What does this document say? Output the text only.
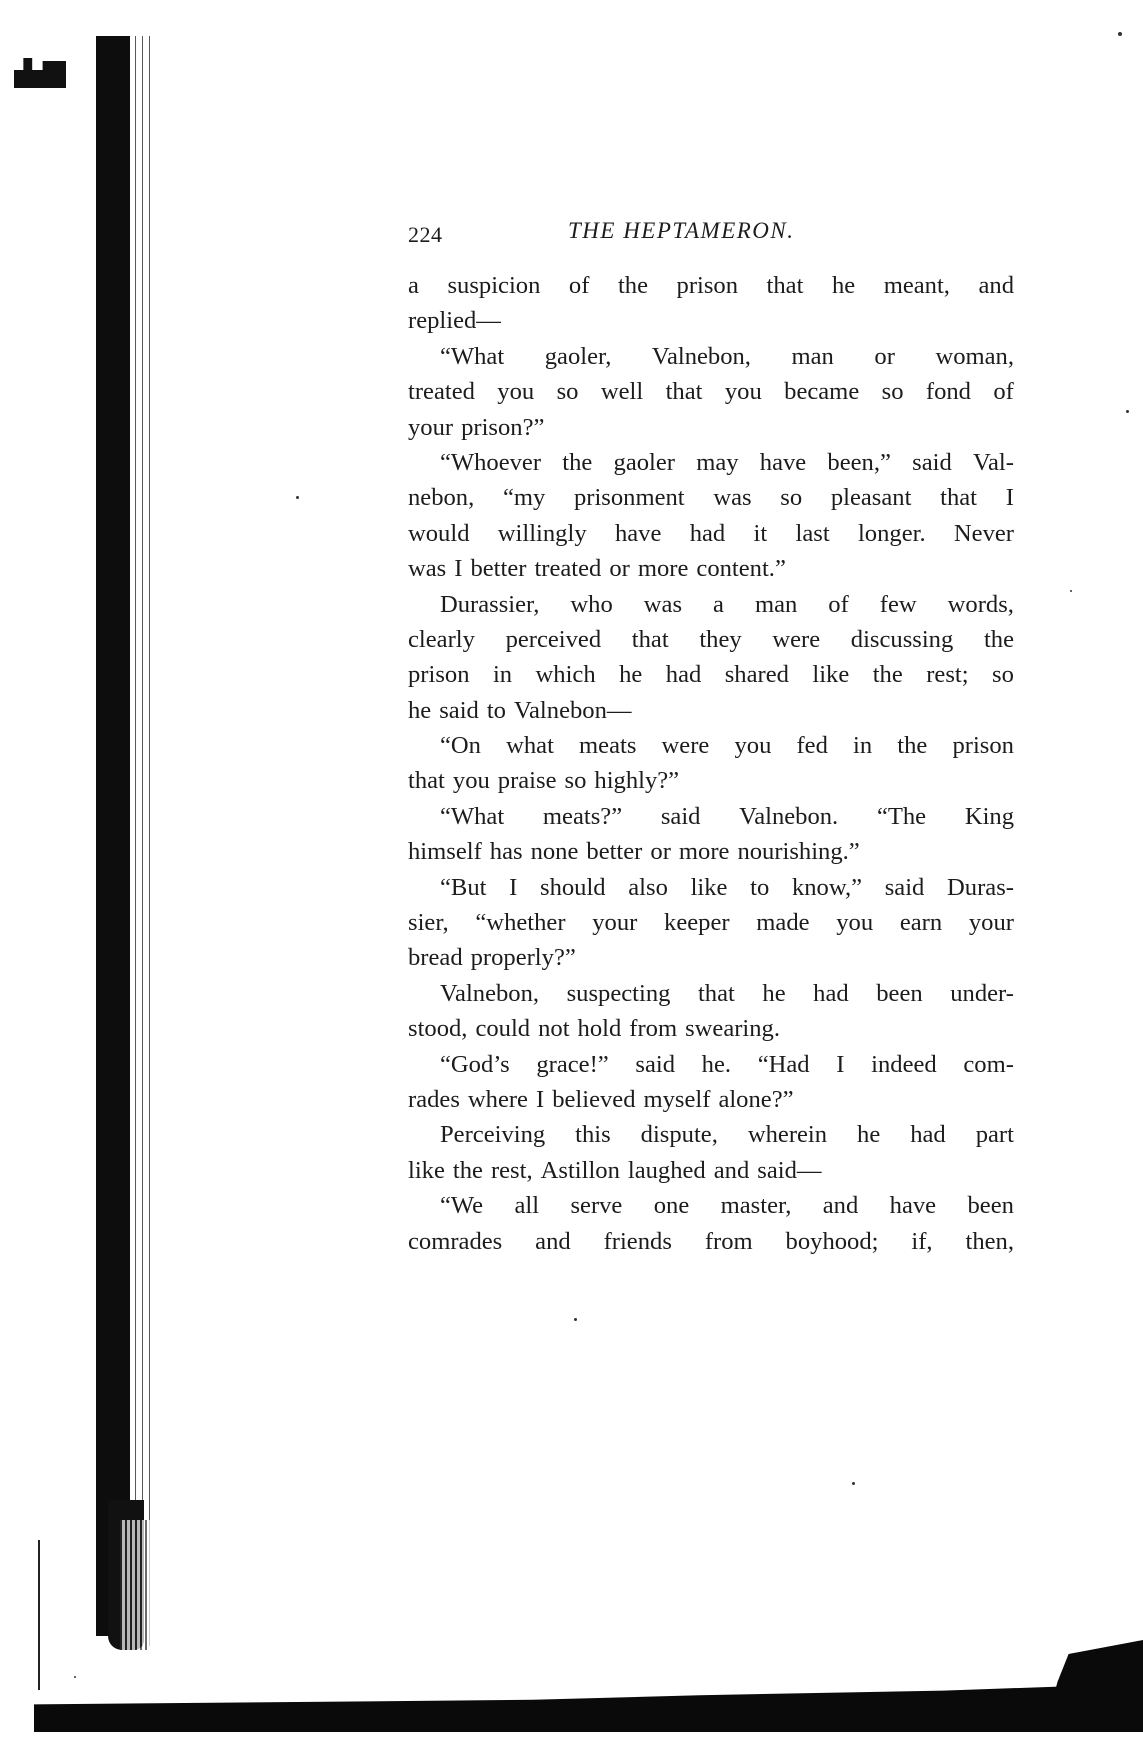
224	THE HEPTAMERON.
a suspicion of the prison that he meant, and
replied—
“What gaoler, Valnebon, man or woman,
treated you so well that you became so fond of
your prison?”
“Whoever the gaoler may have been,” said Val-
nebon, “my prisonment was so pleasant that I
would willingly have had it last longer. Never
was I better treated or more content.”
Durassier, who was a man of few words,
clearly perceived that they were discussing the
prison in which he had shared like the rest; so
he said to Valnebon—
“On what meats were you fed in the prison
that you praise so highly?”
“What meats?” said Valnebon. “The King
himself has none better or more nourishing.”
“But I should also like to know,” said Duras-
sier, “whether your keeper made you earn your
bread properly?”
Valnebon, suspecting that he had been under-
stood, could not hold from swearing.
“God’s grace!” said he. “Had I indeed com-
rades where I believed myself alone?”
Perceiving this dispute, wherein he had part
like the rest, Astillon laughed and said—
“We all serve one master, and have been
comrades and friends from boyhood; if, then,
